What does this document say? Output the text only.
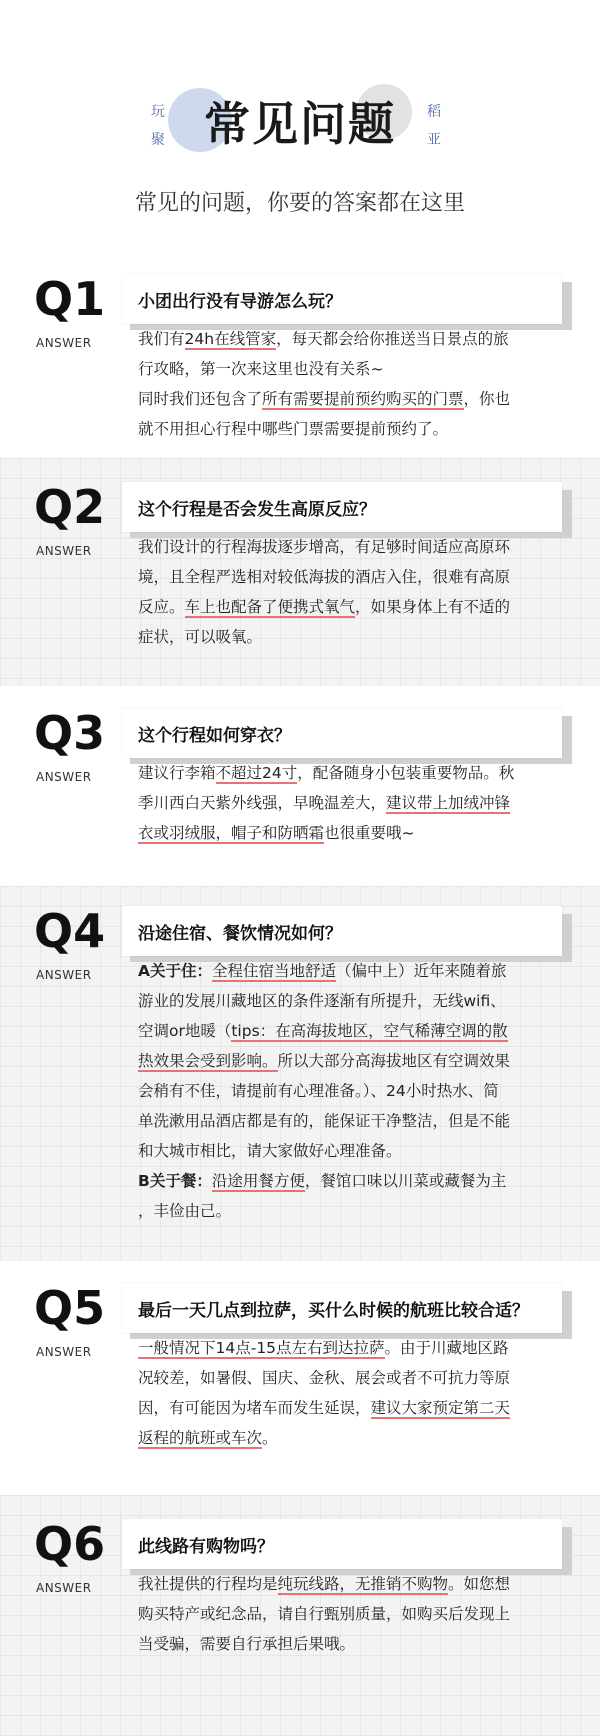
玩
聚 常见问题	稻
亚
常见的问题，你要的答案都在这里
Q1
ANSWER
小团出行没有导游怎么玩？
我们有24h在线管家，每天都会给你推送当日景点的旅
行攻略，第一次来这里也没有关系~
同时我们还包含了所有需要提前预约购买的门票，你也
就不用担心行程中哪些门票需要提前预约了。
Q2
ANSWER
这个行程是否会发生高原反应？
我们设计的行程海拔逐步增高，有足够时间适应高原环
境，且全程严选相对较低海拔的酒店入住，很难有高原
反应。车上也配备了便携式氧气，如果身体上有不适的
症状，可以吸氧。
Q3
ANSWER
这个行程如何穿衣？
建议行李箱不超过24寸，配备随身小包装重要物品。秋
季川西白天紫外线强，早晚温差大，建议带上加绒冲锋
衣或羽绒服，帽子和防晒霜也很重要哦~
Q4
ANSWER
沿途住宿、餐饮情况如何？
A关于住：全程住宿当地舒适（偏中上）近年来随着旅
游业的发展川藏地区的条件逐渐有所提升，无线wifi、
空调or地暖（tips：在高海拔地区，空气稀薄空调的散
热效果会受到影响。所以大部分高海拔地区有空调效果
会稍有不佳，请提前有心理准备。）、24小时热水、简
单洗漱用品酒店都是有的，能保证干净整洁，但是不能
和大城市相比，请大家做好心理准备。
B关于餐：沿途用餐方便，餐馆口味以川菜或藏餐为主
，丰俭由己。
Q5
ANSWER
最后一天几点到拉萨，买什么时候的航班比较合适？
一般情况下14点-15点左右到达拉萨。由于川藏地区路
况较差，如暑假、国庆、金秋、展会或者不可抗力等原
因，有可能因为堵车而发生延误，建议大家预定第二天
返程的航班或车次。
Q6
ANSWER
此线路有购物吗？
我社提供的行程均是纯玩线路，无推销不购物。如您想
购买特产或纪念品，请自行甄别质量，如购买后发现上
当受骗，需要自行承担后果哦。
